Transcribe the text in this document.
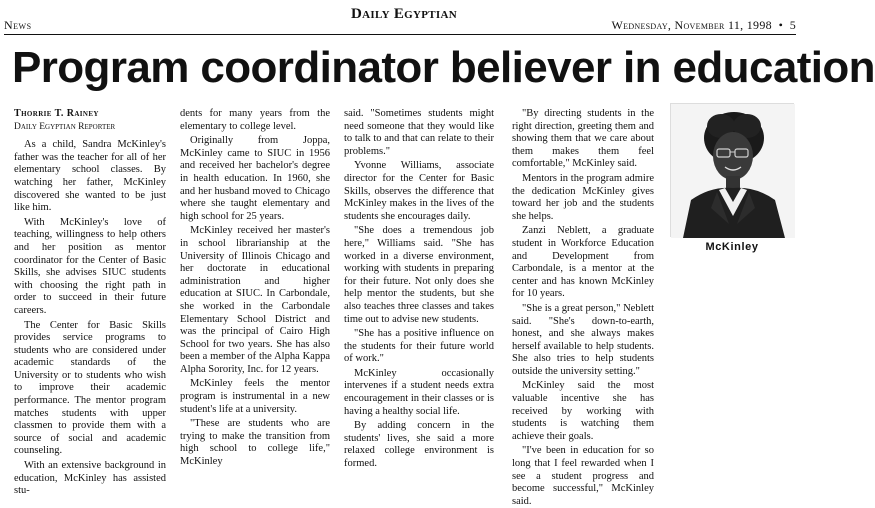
News
Daily Egyptian
Wednesday, November 11, 1998  •  5
Program coordinator believer in education
Thorrie T. Rainey
Daily Egyptian Reporter

As a child, Sandra McKinley's father was the teacher for all of her elementary school classes. By watching her father, McKinley discovered she wanted to be just like him.

With McKinley's love of teaching, willingness to help others and her position as mentor coordinator for the Center of Basic Skills, she advises SIUC students with choosing the right path in order to succeed in their future careers.

The Center for Basic Skills provides service programs to students who are considered under academic standards of the University or to students who wish to improve their academic performance. The mentor program matches students with upper classmen to provide them with a source of social and academic counseling.

With an extensive background in education, McKinley has assisted stu-

dents for many years from the elementary to college level.

Originally from Joppa, McKinley came to SIUC in 1956 and received her bachelor's degree in health education. In 1960, she and her husband moved to Chicago where she taught elementary and high school for 25 years.

McKinley received her master's in school librarianship at the University of Illinois Chicago and her doctorate in educational administration and higher education at SIUC. In Carbondale, she worked in the Carbondale Elementary School District and was the principal of Cairo High School for two years. She has also been a member of the Alpha Kappa Alpha Sorority, Inc. for 12 years.

McKinley feels the mentor program is instrumental in a new student's life at a university.

"These are students who are trying to make the transition from high school to college life," McKinley

said. "Sometimes students might need someone that they would like to talk to and that can relate to their problems."

Yvonne Williams, associate director for the Center for Basic Skills, observes the difference that McKinley makes in the lives of the students she encourages daily.

"She does a tremendous job here," Williams said. "She has worked in a diverse environment, working with students in preparing for their future. Not only does she help mentor the students, but she also teaches three classes and takes time out to advise new students.

"She has a positive influence on the students for their future world of work."

McKinley occasionally intervenes if a student needs extra encouragement in their classes or is having a healthy social life.

By adding concern in the students' lives, she said a more relaxed college environment is formed.

"By directing students in the right direction, greeting them and showing them that we care about them makes them feel comfortable," McKinley said.

Mentors in the program admire the dedication McKinley gives toward her job and the students she helps.

Zanzi Neblett, a graduate student in Workforce Education and Development from Carbondale, is a mentor at the center and has known McKinley for 10 years.

"She is a great person," Neblett said. "She's down-to-earth, honest, and she always makes herself available to help students. She also tries to help students outside the university setting."

McKinley said the most valuable incentive she has received by working with students is watching them achieve their goals.

"I've been in education for so long that I feel rewarded when I see a student progress and become successful," McKinley said.

McKinley
